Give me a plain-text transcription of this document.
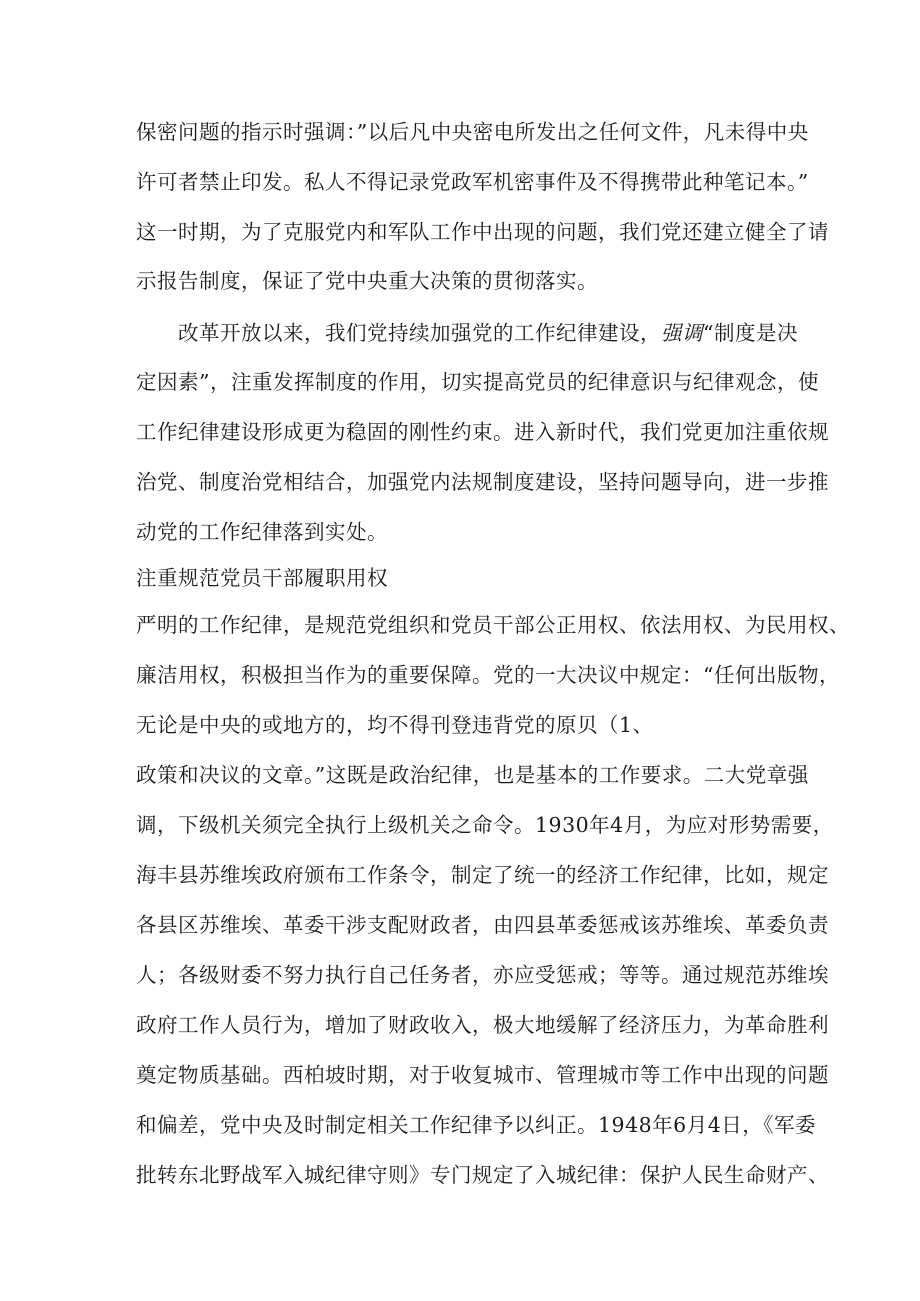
保密问题的指示时强调：”以后凡中央密电所发出之任何文件，凡未得中央
许可者禁止印发。私人不得记录党政军机密事件及不得携带此种笔记本。”
这一时期，为了克服党内和军队工作中出现的问题，我们党还建立健全了请
示报告制度，保证了党中央重大决策的贯彻落实。
改革开放以来，我们党持续加强党的工作纪律建设，强调“制度是决
定因素”，注重发挥制度的作用，切实提高党员的纪律意识与纪律观念，使
工作纪律建设形成更为稳固的刚性约束。进入新时代，我们党更加注重依规
治党、制度治党相结合，加强党内法规制度建设，坚持问题导向，进一步推
动党的工作纪律落到实处。
注重规范党员干部履职用权
严明的工作纪律，是规范党组织和党员干部公正用权、依法用权、为民用权、
廉洁用权，积极担当作为的重要保障。党的一大决议中规定：“任何出版物，
无论是中央的或地方的，均不得刊登违背党的原贝（1、
政策和决议的文章。”这既是政治纪律，也是基本的工作要求。二大党章强
调，下级机关须完全执行上级机关之命令。1930年4月，为应对形势需要，
海丰县苏维埃政府颁布工作条令，制定了统一的经济工作纪律，比如，规定
各县区苏维埃、革委干涉支配财政者，由四县革委惩戒该苏维埃、革委负责
人；各级财委不努力执行自己任务者，亦应受惩戒；等等。通过规范苏维埃
政府工作人员行为，增加了财政收入，极大地缓解了经济压力，为革命胜利
奠定物质基础。西柏坡时期，对于收复城市、管理城市等工作中出现的问题
和偏差，党中央及时制定相关工作纪律予以纠正。1948年6月4日，《军委
批转东北野战军入城纪律守则》专门规定了入城纪律：保护人民生命财产、
